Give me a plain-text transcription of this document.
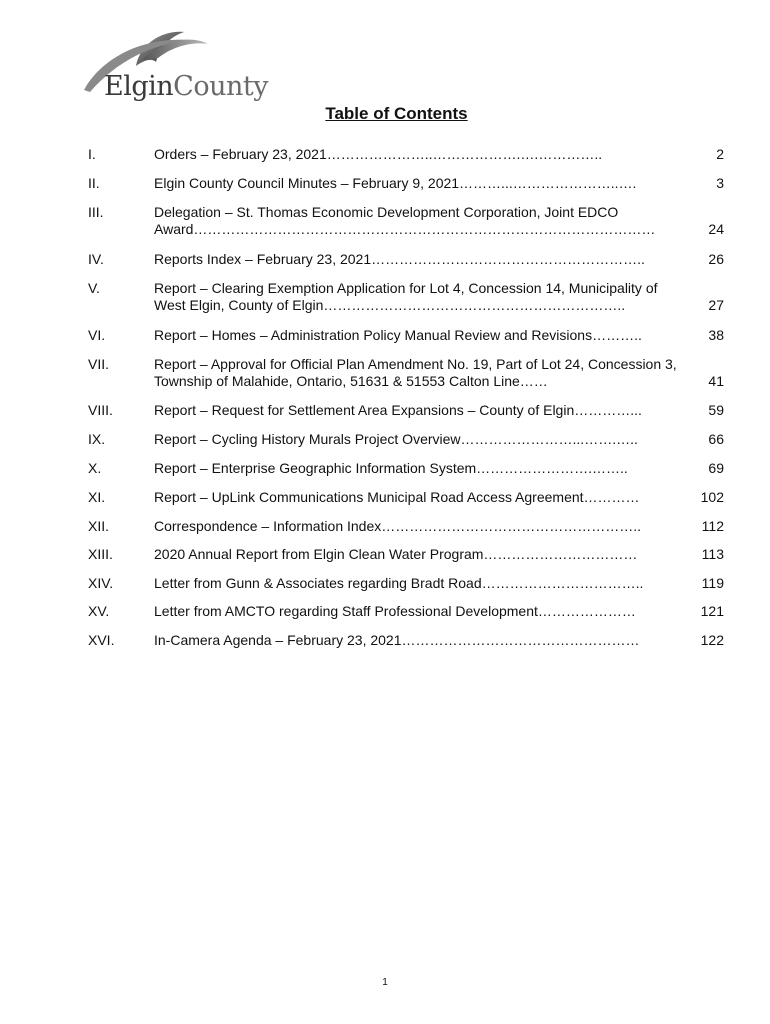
ElginCounty
Table of Contents
I.	Orders – February 23, 2021…………………..……………….….…………..	2
II.	Elgin County Council Minutes – February 9, 2021………...…………………..….	3
III.	Delegation – St. Thomas Economic Development Corporation, Joint EDCO Award………………………………………………………………………………………	24
IV.	Reports Index – February 23, 2021…………………………………………………..	26
V.	Report – Clearing Exemption Application for Lot 4, Concession 14, Municipality of West Elgin, County of Elgin………………………………………………………..	27
VI.	Report – Homes – Administration Policy Manual Review and Revisions………..	38
VII.	Report – Approval for Official Plan Amendment No. 19, Part of Lot 24, Concession 3, Township of Malahide, Ontario, 51631 & 51553 Calton Line……	41
VIII.	Report – Request for Settlement Area Expansions – County of Elgin…………...	59
IX.	Report – Cycling History Murals Project Overview……………………...…….…..	66
X.	Report – Enterprise Geographic Information System…………………….……..	69
XI.	Report – UpLink Communications Municipal Road Access Agreement…………	102
XII.	Correspondence – Information Index………………………………………………..	112
XIII.	2020 Annual Report from Elgin Clean Water Program……………………………	113
XIV.	Letter from Gunn & Associates regarding Bradt Road……………………………..	119
XV.	Letter from AMCTO regarding Staff Professional Development…………………	121
XVI.	In-Camera Agenda – February 23, 2021……………………………………………	122
1
